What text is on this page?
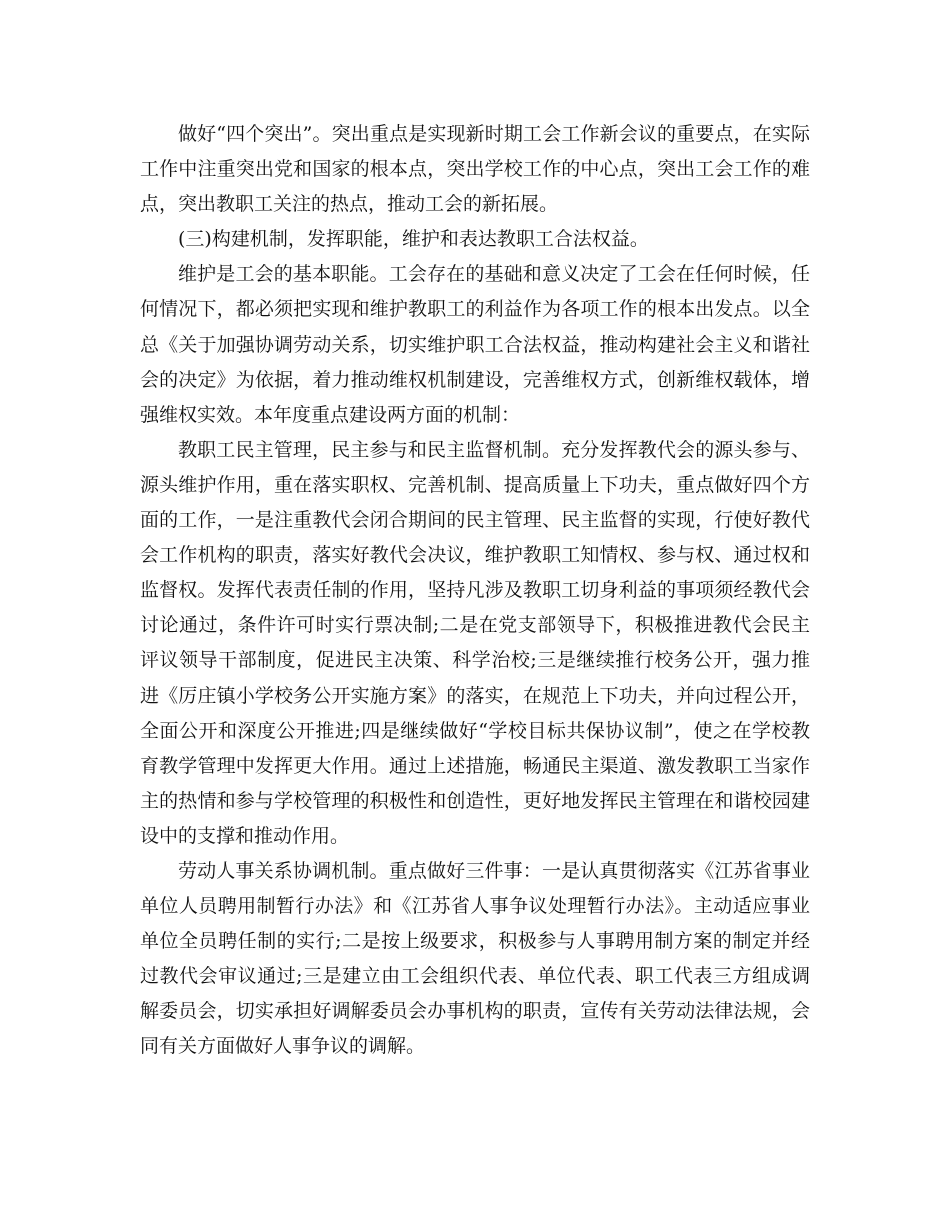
做好“四个突出”。突出重点是实现新时期工会工作新会议的重要点，在实际工作中注重突出党和国家的根本点，突出学校工作的中心点，突出工会工作的难点，突出教职工关注的热点，推动工会的新拓展。

(三)构建机制，发挥职能，维护和表达教职工合法权益。

维护是工会的基本职能。工会存在的基础和意义决定了工会在任何时候，任何情况下，都必须把实现和维护教职工的利益作为各项工作的根本出发点。以全总《关于加强协调劳动关系，切实维护职工合法权益，推动构建社会主义和谐社会的决定》为依据，着力推动维权机制建设，完善维权方式，创新维权载体，增强维权实效。本年度重点建设两方面的机制：

教职工民主管理，民主参与和民主监督机制。充分发挥教代会的源头参与、源头维护作用，重在落实职权、完善机制、提高质量上下功夫，重点做好四个方面的工作，一是注重教代会闭合期间的民主管理、民主监督的实现，行使好教代会工作机构的职责，落实好教代会决议，维护教职工知情权、参与权、通过权和监督权。发挥代表责任制的作用，坚持凡涉及教职工切身利益的事项须经教代会讨论通过，条件许可时实行票决制;二是在党支部领导下，积极推进教代会民主评议领导干部制度，促进民主决策、科学治校;三是继续推行校务公开，强力推进《厉庄镇小学校务公开实施方案》的落实，在规范上下功夫，并向过程公开，全面公开和深度公开推进;四是继续做好“学校目标共保协议制”，使之在学校教育教学管理中发挥更大作用。通过上述措施，畅通民主渠道、激发教职工当家作主的热情和参与学校管理的积极性和创造性，更好地发挥民主管理在和谐校园建设中的支撑和推动作用。

劳动人事关系协调机制。重点做好三件事：一是认真贯彻落实《江苏省事业单位人员聘用制暂行办法》和《江苏省人事争议处理暂行办法》。主动适应事业单位全员聘任制的实行;二是按上级要求，积极参与人事聘用制方案的制定并经过教代会审议通过;三是建立由工会组织代表、单位代表、职工代表三方组成调解委员会，切实承担好调解委员会办事机构的职责，宣传有关劳动法律法规，会同有关方面做好人事争议的调解。
